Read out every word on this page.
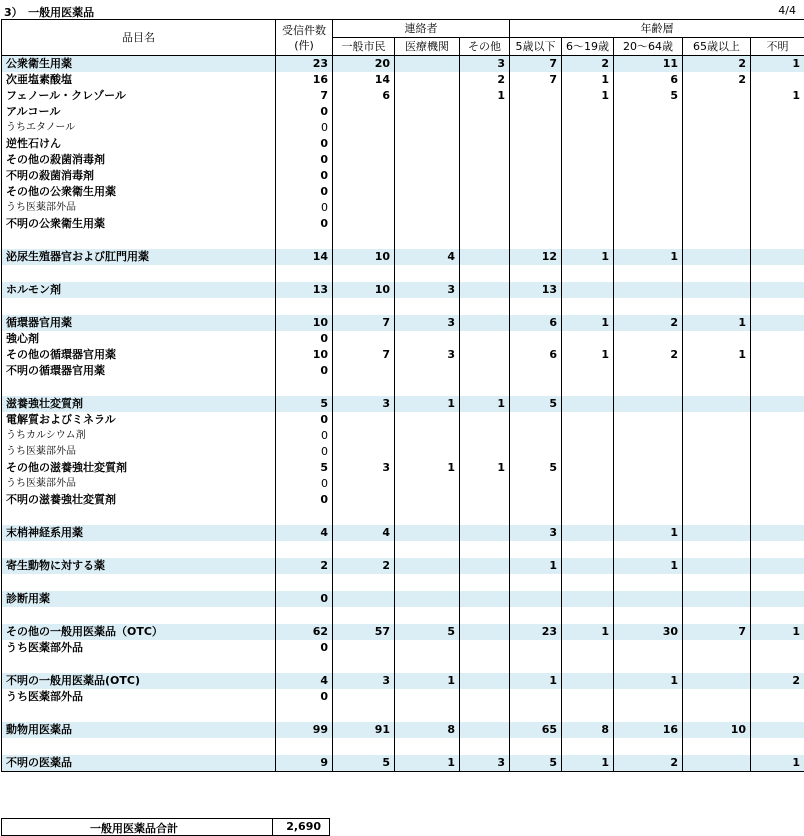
3）　一般用医薬品	4/4
品目名	受信件数
(件)	連絡者			年齢層				
		一般市民	医療機関	その他	5歳以下	6～19歳	20～64歳	65歳以上	不明
公衆衛生用薬	23	20		3	7	2	11	2	1
次亜塩素酸塩	16	14		2	7	1	6	2	
フェノール・クレゾール	7	6		1		1	5		1
アルコール	0								
うちエタノール	0								
逆性石けん	0								
その他の殺菌消毒剤	0								
不明の殺菌消毒剤	0								
その他の公衆衛生用薬	0								
うち医薬部外品	0								
不明の公衆衛生用薬	0								

泌尿生殖器官および肛門用薬	14	10	4		12	1	1		

ホルモン剤	13	10	3		13				

循環器官用薬	10	7	3		6	1	2	1	
強心剤	0								
その他の循環器官用薬	10	7	3		6	1	2	1	
不明の循環器官用薬	0								

滋養強壮変質剤	5	3	1	1	5				
電解質およびミネラル	0								
うちカルシウム剤	0								
うち医薬部外品	0								
その他の滋養強壮変質剤	5	3	1	1	5				
うち医薬部外品	0								
不明の滋養強壮変質剤	0								

末梢神経系用薬	4	4			3		1		

寄生動物に対する薬	2	2			1		1		

診断用薬	0								

その他の一般用医薬品（OTC）	62	57	5		23	1	30	7	1
うち医薬部外品	0								

不明の一般用医薬品(OTC)	4	3	1		1		1		2
うち医薬部外品	0								

動物用医薬品	99	91	8		65	8	16	10	

不明の医薬品	9	5	1	3	5	1	2		1
一般用医薬品合計	2,690
